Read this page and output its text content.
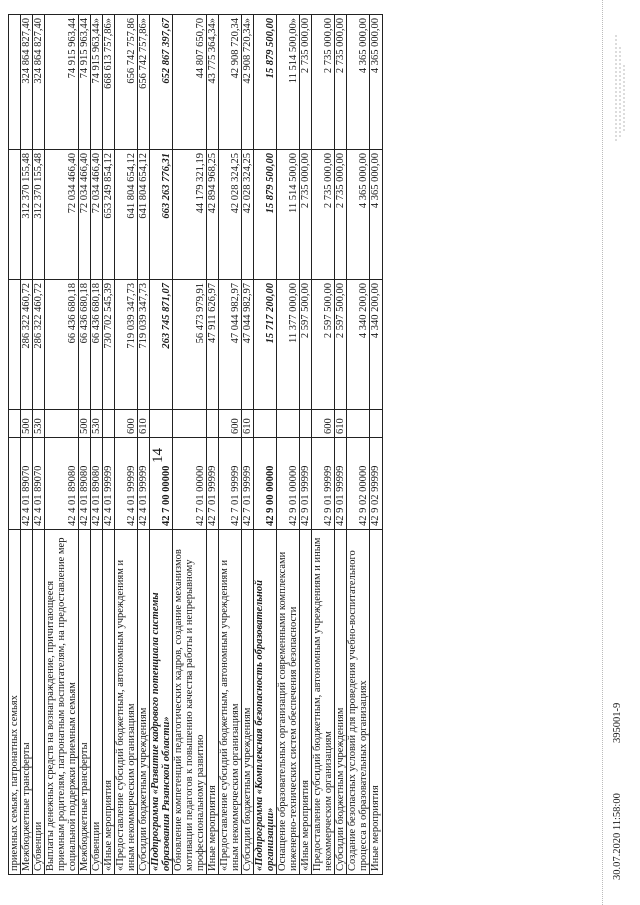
14
приемных семьях, патронатных семьях					
Межбюджетные трансферты	42 4 01 89070	500	286 322 460,72	312 370 155,48	324 864 827,40
Субвенции	42 4 01 89070	530	286 322 460,72	312 370 155,48	324 864 827,40
Выплаты денежных средств на вознаграждение, причитающееся приемным родителям, патронатным воспитателям, на предоставление мер социальной поддержки приемным семьям	42 4 01 89080		66 436 680,18	72 034 466,40	74 915 963,44
Межбюджетные трансферты	42 4 01 89080	500	66 436 680,18	72 034 466,40	74 915 963,44
Субвенции	42 4 01 89080	530	66 436 680,18	72 034 466,40	74 915 963,44»
«Иные мероприятия	42 4 01 99999		730 702 545,39	653 249 854,12	668 613 757,86»
«Предоставление субсидий бюджетным, автономным учреждениям и иным некоммерческим организациям	42 4 01 99999	600	719 039 347,73	641 804 654,12	656 742 757,86
Субсидии бюджетным учреждениям	42 4 01 99999	610	719 039 347,73	641 804 654,12	656 742 757,86»
«Подпрограмма «Развитие кадрового потенциала системы образования Рязанской области»	42 7 00 00000		263 745 871,07	663 263 776,31	652 867 397,67
Обновление компетенций педагогических кадров, создание механизмов мотивации педагогов к повышению качества работы и непрерывному профессиональному развитию	42 7 01 00000		56 473 979,91	44 179 321,19	44 807 650,70
Иные мероприятия	42 7 01 99999		47 911 626,97	42 894 968,25	43 775 364,34»
«Предоставление субсидий бюджетным, автономным учреждениям и иным некоммерческим организациям	42 7 01 99999	600	47 044 982,97	42 028 324,25	42 908 720,34
Субсидии бюджетным учреждениям	42 7 01 99999	610	47 044 982,97	42 028 324,25	42 908 720,34»
«Подпрограмма «Комплексная безопасность образовательной организации»	42 9 00 00000		15 717 200,00	15 879 500,00	15 879 500,00
Оснащение образовательных организаций современными комплексами инженерно-технических систем обеспечения безопасности	42 9 01 00000		11 377 000,00	11 514 500,00	11 514 500,00»
«Иные мероприятия	42 9 01 99999		2 597 500,00	2 735 000,00	2 735 000,00
Предоставление субсидий бюджетным, автономным учреждениям и иным некоммерческим организациям	42 9 01 99999	600	2 597 500,00	2 735 000,00	2 735 000,00
Субсидии бюджетным учреждениям	42 9 01 99999	610	2 597 500,00	2 735 000,00	2 735 000,00
Создание безопасных условий для проведения учебно-воспитательного процесса в образовательных организациях	42 9 02 00000		4 340 200,00	4 365 000,00	4 365 000,00
Иные мероприятия	42 9 02 99999		4 340 200,00	4 365 000,00	4 365 000,00
30.07.2020 11:58:00
395001-9
